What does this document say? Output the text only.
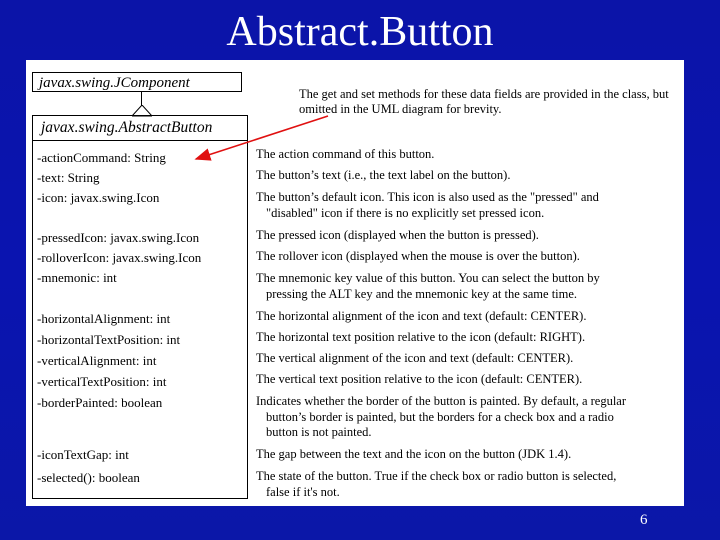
Abstract.Button
javax.swing.JComponent
javax.swing.AbstractButton
-actionCommand: String
-text: String
-icon: javax.swing.Icon
-pressedIcon: javax.swing.Icon
-rolloverIcon: javax.swing.Icon
-mnemonic: int
-horizontalAlignment: int
-horizontalTextPosition: int
-verticalAlignment: int
-verticalTextPosition: int
-borderPainted: boolean
-iconTextGap: int
-selected(): boolean
The get and set methods for these data fields are provided in the class, but omitted in the UML diagram for brevity.
The action command of this button.
The button’s text (i.e., the text label on the button).
The button’s default icon. This icon is also used as the "pressed" and
"disabled" icon if there is no explicitly set pressed icon.
The pressed icon (displayed when the button is pressed).
The rollover icon (displayed when the mouse is over the button).
The mnemonic key value of this button. You can select the button by
pressing the ALT key and the mnemonic key at the same time.
The horizontal alignment of the icon and text (default: CENTER).
The horizontal text position relative to the icon (default: RIGHT).
The vertical alignment of the icon and text (default: CENTER).
The vertical text position relative to the icon (default: CENTER).
Indicates whether the border of the button is painted. By default, a regular
button’s border is painted, but the borders for a check box and a radio
button is not painted.
The gap between the text and the icon on the button (JDK 1.4).
The state of the button. True if the check box or radio button is selected,
false if it's not.
6
